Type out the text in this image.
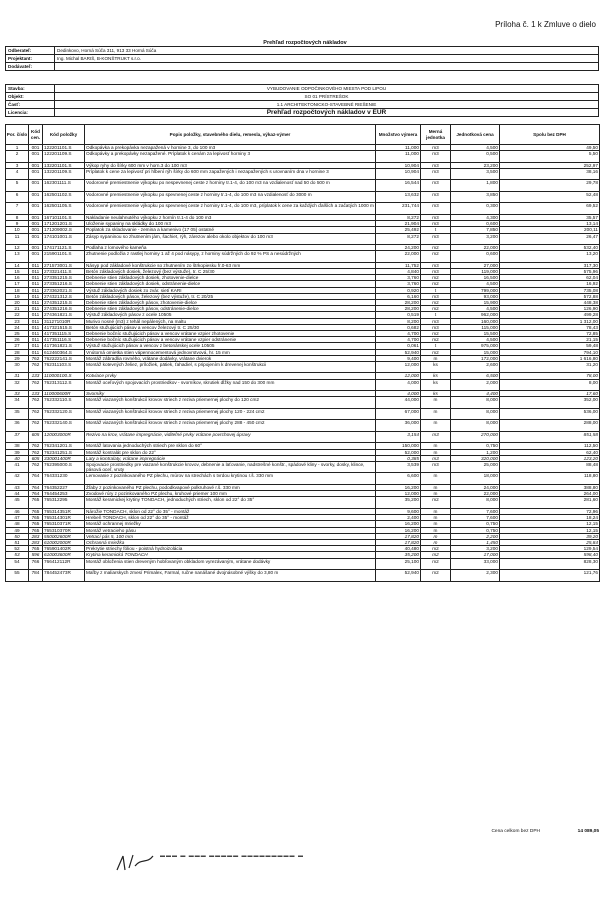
Príloha č. 1 k Zmluve o dielo
Prehľad rozpočtových nákladov
Odberateľ:	Dedinkovo, Horná Súča 311, 913 33 Horná Súča
Projektant:	Ing. Michal BARIŠ, B-KONŠTRUKT s.r.o.
Dodávateľ:	
Stavba:	VYBUDOVANIE ODPOČINKOVÉHO MIESTA POD LIPOU
Objekt:	SO 01 PRÍSTREŠOK
Časť:	1.1 ARCHITEKTONICKO-STAVEBNÉ RIEŠENIE
Licencia:	Prehľad rozpočtových nákladov v EUR
Por. číslo	Kód cen.	Kód položky	Popis položky, stavebného dielu, remesla, výkaz-výmer	Množstvo výmera	Merná jednotka	Jednotková cena	Spolu bez DPH
1	001	122201101.S	Odkopávka a prekopávka nezapažená v hornine 3, do 100 m3	11,000	m3	4,500	49,50
2	001	122201109.S	Odkopávky a prekopávky nezapažené. Príplatok k cenám za lepivosť horniny 3	11,000	m3	0,500	5,50
3	001	132201101.S	Výkop ryhy do šírky 600 mm v horn.3 do 100 m3	10,904	m3	23,200	252,97
4	001	132201109.S	Príplatok k cene za lepivosť pri hĺbení rýh šírky do 600 mm zapažených i nezapažených s urovnaním dna v hornine 3	10,904	m3	3,500	38,16
5	001	162301111.S	Vodorovné premiestnenie výkopku po nespevnenej ceste z horniny tr.1-4, do 100 m3 na vzdialenosť nad 50 do 500 m	16,544	m3	1,800	29,78
6	001	162501102.S	Vodorovné premiestnenie výkopku po spevnenej ceste z horniny tr.1-4, do 100 m3 na vzdialenosť do 3000 m	13,632	m3	3,850	52,48
7	001	162501105.S	Vodorovné premiestnenie výkopku po spevnenej ceste z horniny tr.1-4, do 100 m3, príplatok k cene za každých ďalších a začatých 1000 m	231,744	m3	0,300	69,52
8	001	167101101.S	Nakladanie neulahnutého výkopku z hornín tr.1-4 do 100 m3	8,272	m3	4,300	35,57
9	001	171201201.S	Uloženie sypaniny na skládky do 100 m3	21,904	m3	0,600	13,14
10	001	171209002.S	Poplatok za skladovanie - zemina a kamenivo (17 05) ostatné	25,492	t	7,850	200,11
11	001	174101001.S	Zásyp sypaninou so zhutnením jám, šachiet, rýh, zárezov alebo okolo objektov do 100 m3	8,272	m3	3,200	26,47
12	001	174171121.S	Podlaha z lomového kameňa	24,200	m2	22,000	532,40
13	001	215901101.S	Zhutnenie podložia z rastlej horniny 1 až 4 pod násypy, z horniny súdržných do 92 % PS a nesúdržných	22,000	m2	0,600	13,20
14	011	271573001.S	Násyp pod základové konštrukcie so zhutnením zo štrkopiesku fr.0-63 mm	11,752	m3	27,000	317,30
15	011	273321411.S	Betón základových dosiek, železový (bez výstuže), tr. C 25/30	4,840	m3	119,000	575,96
16	011	273351215.S	Debnenie stien základových dosiek, zhotovenie-dielce	3,760	m2	16,500	62,04
17	011	273351216.S	Debnenie stien základových dosiek, odstránenie-dielce	3,760	m2	4,500	16,92
18	011	273362021.S	Výstuž základových dosiek zo zvár. sietí KARI	0,920	t	799,000	735,08
19	011	274321312.S	Betón základových pásov, železový (bez výstuže), tr. C 20/25	6,160	m3	93,000	572,88
20	011	274351215.S	Debnenie stien základových pásov, zhotovenie-dielce	28,200	m2	15,900	448,38
21	011	274351216.S	Debnenie stien základových pásov, odstránenie-dielce	28,200	m2	4,500	126,90
22	011	274361821.S	Výstuž základových pásov z ocele 10505	0,519	t	962,000	499,28
23	011	311271010R	Murivo nosné (m3) z tehál nepálených, na maltu	8,200	m3	160,000	1 312,00
24	011	417321515.S	Betón stužujúcich pásov a vencov železový tr. C 25/30	0,682	m3	115,000	78,43
25	011	417351115.S	Debnenie bočníc stužujúcich pásov a vencov vrátane vzpier zhotovenie	4,700	m2	15,500	72,85
26	011	417351116.S	Debnenie bočníc stužujúcich pásov a vencov vrátane vzpier odstránenie	4,700	m2	4,500	21,15
27	011	417361821.S	Výstuž stužujúcich pásov a vencov z betonárskej ocele 10505	0,061	t	975,000	59,48
28	011	612460364.S	Vnútorná omietka stien vápennocementová jednovrstvová, hr. 15 mm	52,940	m2	15,000	794,10
29	762	762222141.S	Montáž zábradlia rovného, vrátane dodávky, vrátane dvierok	9,400	m	172,000	1 616,80
30	762	762311103.S	Montáž kotevných želiez, príložiek, pätiek, ťahadiel, s pripojením k drevenej konštrukcii	12,000	ks	2,600	31,20
31	133	110000100.S	Kotviace prvky	12,000	ks	6,500	78,00
32	762	762313112.S	Montáž oceľových spojovacích prostriedkov - svorníkov, skrutiek dĺžky nad 150 do 300 mm	4,000	ks	2,000	8,00
33	133	110000600R	Svorníky	4,000	ks	4,400	17,60
34	762	762332110.S	Montáž viazaných konštrukcií krovov striech z reziva priemernej plochy do 120 cm2	44,000	m	8,000	352,00
35	762	762332120.S	Montáž viazaných konštrukcií krovov striech z reziva priemernej plochy 120 - 224 cm2	67,000	m	8,000	536,00
36	762	762332140.S	Montáž viazaných konštrukcií krovov striech z reziva priemernej plochy 288 - 450 cm2	36,000	m	8,000	288,00
37	605	120003000R	Rezivo na krov, vrátane impregnácie, viditeľné prvky vrátane povrchovej úpravy	3,154	m3	270,000	851,58
38	762	762341201.S	Montáž latovania jednoduchých striech pre sklon do 60°	150,000	m	0,750	112,50
39	762	762341251.S	Montáž kontralát pre sklon do 22°	52,000	m	1,200	62,40
40	605	330001400R	Laty a kontralaty, vrátane impregnácie	0,385	m3	320,000	123,20
41	762	762395000.S	Spojovacie prostriedky pre viazané konštrukcie krovov, debnenie a laťovanie, nadstrešné konštr., spádové kliny - svorky, dosky, klince, pásová oceľ, vruty	3,539	m3	25,000	88,48
42	764	764331230	Lemovanie z pozinkovaného PZ plechu, múrov na strechách s tvrdou krytinou r.š. 330 mm	6,600	m	18,000	118,80
43	764	764352227	Žľaby z pozinkovaného PZ plechu, pododkvapové polkruhové r.š. 330 mm	16,200	m	24,000	388,80
44	764	764454253	Zvodové rúry z pozinkovaného PZ plechu, kruhové priemer 100 mm	12,000	m	22,000	264,00
45	765	765312295	Montáž keramickej krytiny TONDACH, jednoduchých striech, sklon od 22° do 35°	35,200	m2	8,000	281,60
46	765	765314351R	Nárožie TONDACH, sklon od 22° do 35° - montáž	9,600	m	7,600	72,96
47	765	765314301R	Hrebeň TONDACH, sklon od 22° do 35° - montáž	2,400	m	7,600	18,24
48	765	765310371R	Montáž ochrannej mriežky	16,200	m	0,750	12,15
49	765	765310370R	Montáž vetracieho pásu	16,200	m	0,750	12,15
50	283	550002600R	Vetrací pás 5, 100 mm	17,820	m	2,200	39,20
51	283	610002000R	Ochranná mriežka	17,820	m	1,450	25,84
52	765	765901402R	Prekrytie striechy fóliou - poistná hydroizolácia	40,480	m2	3,200	129,54
53	596	610003600R	Krytina keramická TONDACH	35,200	m2	17,000	598,40
54	766	766412112R	Montáž obloženia stien dreveným hobľovaným obkladom vyrezávaným, vrátane dodávky	25,100	m2	33,000	828,30
55	784	784452473R	Maľby z maliarskych zmesí Primalex, Farmal, ručne nanášané dvojnásobné výšky do 3,80 m	52,940	m2	2,300	121,76
Cena celkom bez DPH	14 089,05
▬▬▬ ▬ ▬▬▬ ▬▬▬▬▬ ▬▬▬▬▬▬▬▬▬ ▬
